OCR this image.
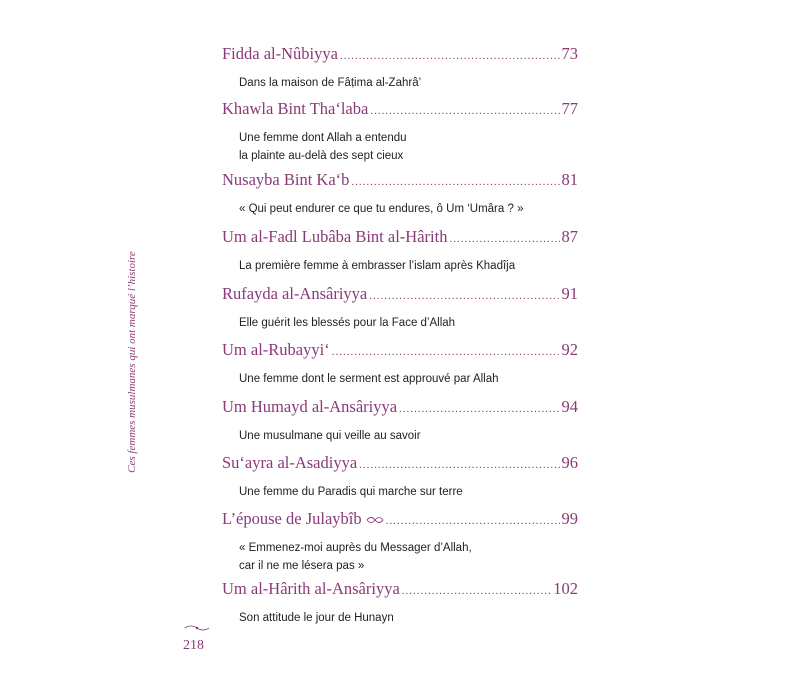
Fidda al-Nûbiyya .....	73
Dans la maison de Fâṭima al-Zahrâ’
Khawla Bint Tha‘laba .....	77
Une femme dont Allah a entendu
la plainte au-delà des sept cieux
Nusayba Bint Ka‘b .....	81
« Qui peut endurer ce que tu endures, ô Um ‘Umâra ? »
Um al-Fadl Lubâba Bint al-Hârith .....	87
La première femme à embrasser l’islam après Khadîja
Rufayda al-Ansâriyya .....	91
Elle guérit les blessés pour la Face d’Allah
Um al-Rubayyi‘ .....	92
Une femme dont le serment est approuvé par Allah
Um Humayd al-Ansâriyya .....	94
Une musulmane qui veille au savoir
Su‘ayra al-Asadiyya .....	96
Une femme du Paradis qui marche sur terre
L’épouse de Julaybîb .....	99
« Emmenez-moi auprès du Messager d’Allah,
car il ne me lésera pas »
Um al-Hârith al-Ansâriyya .....	102
Son attitude le jour de Hunayn
Ces femmes musulmanes qui ont marqué l’histoire
218
